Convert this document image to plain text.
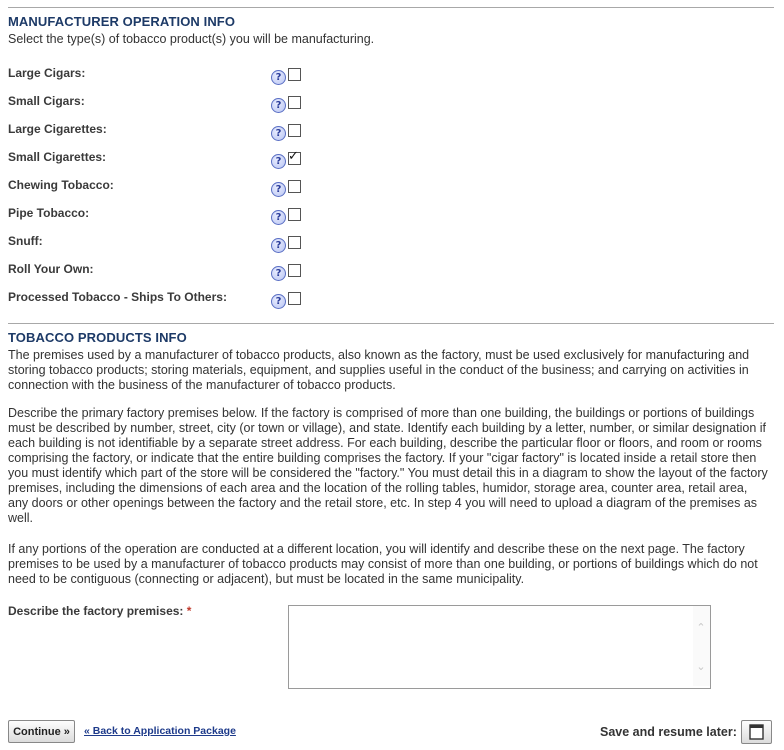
MANUFACTURER OPERATION INFO
Select the type(s) of tobacco product(s) you will be manufacturing.
Large Cigars:	?
Small Cigars:	?
Large Cigarettes:	?
Small Cigarettes:	? ✓
Chewing Tobacco:	?
Pipe Tobacco:	?
Snuff:	?
Roll Your Own:	?
Processed Tobacco - Ships To Others:	?
TOBACCO PRODUCTS INFO

The premises used by a manufacturer of tobacco products, also known as the factory, must be used exclusively for manufacturing and storing tobacco products; storing materials, equipment, and supplies useful in the conduct of the business; and carrying on activities in connection with the business of the manufacturer of tobacco products.

Describe the primary factory premises below. If the factory is comprised of more than one building, the buildings or portions of buildings must be described by number, street, city (or town or village), and state. Identify each building by a letter, number, or similar designation if each building is not identifiable by a separate street address. For each building, describe the particular floor or floors, and room or rooms comprising the factory, or indicate that the entire building comprises the factory. If your "cigar factory" is located inside a retail store then you must identify which part of the store will be considered the "factory." You must detail this in a diagram to show the layout of the factory premises, including the dimensions of each area and the location of the rolling tables, humidor, storage area, counter area, retail area, any doors or other openings between the factory and the retail store, etc. In step 4 you will need to upload a diagram of the premises as well.

If any portions of the operation are conducted at a different location, you will identify and describe these on the next page. The factory premises to be used by a manufacturer of tobacco products may consist of more than one building, or portions of buildings which do not need to be contiguous (connecting or adjacent), but must be located in the same municipality.

Describe the factory premises: *
⌃
⌄
Continue »	« Back to Application Package	Save and resume later:
